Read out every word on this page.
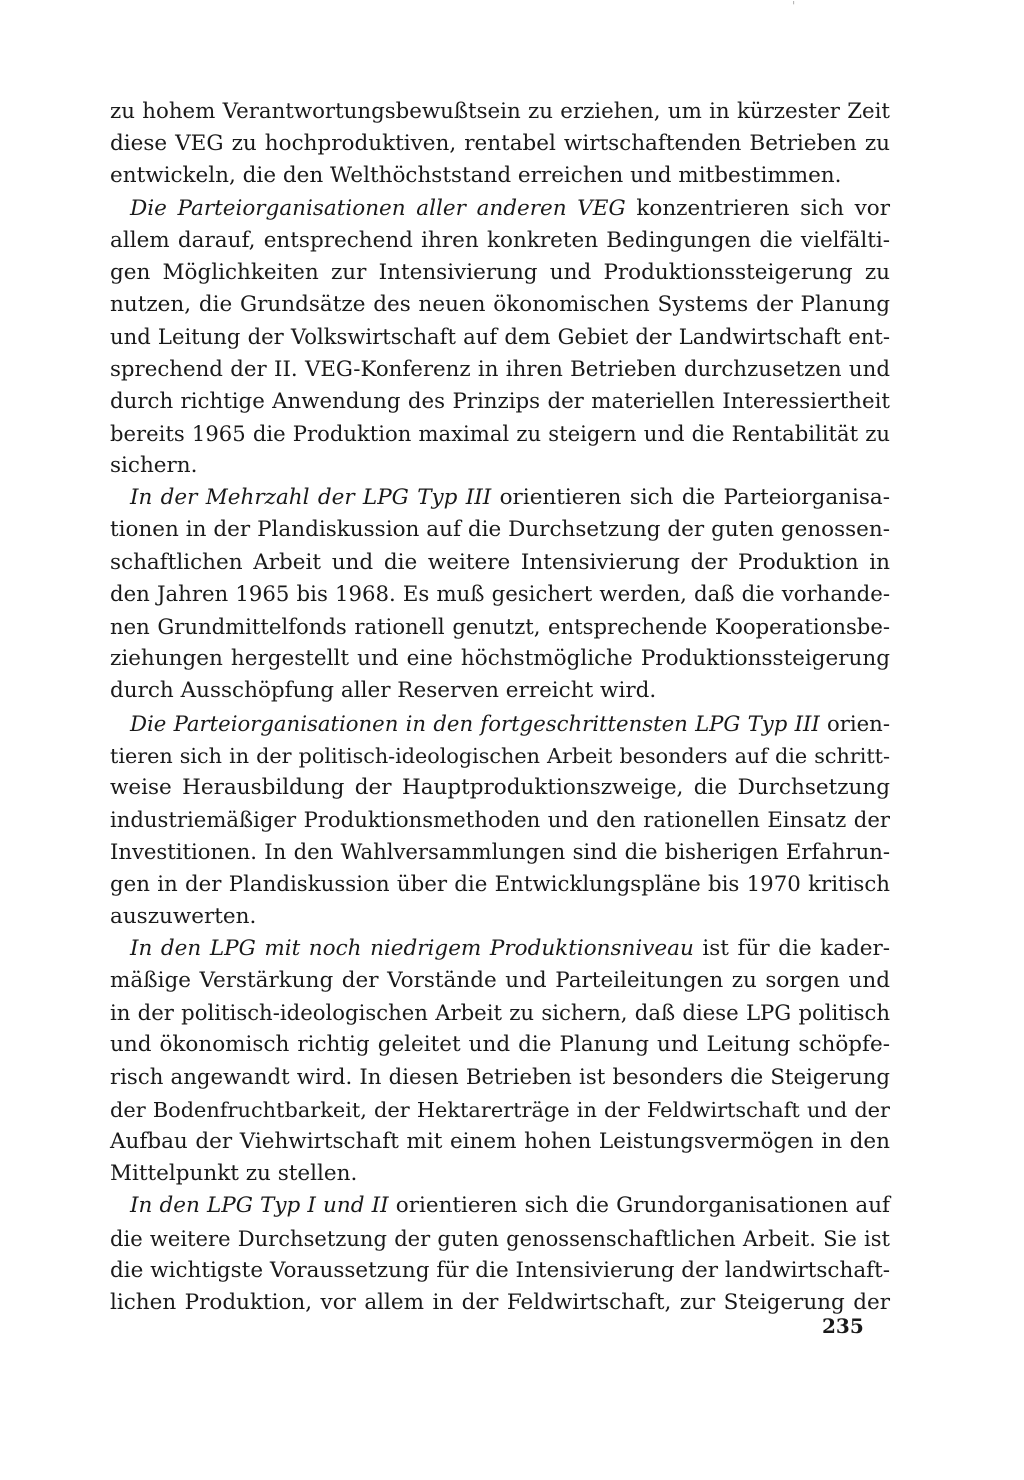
'
zu hohem Verantwortungsbewußtsein zu erziehen, um in kürzester Zeit
diese VEG zu hochproduktiven, rentabel wirtschaftenden Betrieben zu
entwickeln, die den Welthöchststand erreichen und mitbestimmen.
Die Parteiorganisationen aller anderen VEG konzentrieren sich vor
allem darauf, entsprechend ihren konkreten Bedingungen die vielfälti-
gen Möglichkeiten zur Intensivierung und Produktionssteigerung zu
nutzen, die Grundsätze des neuen ökonomischen Systems der Planung
und Leitung der Volkswirtschaft auf dem Gebiet der Landwirtschaft ent-
sprechend der II. VEG-Konferenz in ihren Betrieben durchzusetzen und
durch richtige Anwendung des Prinzips der materiellen Interessiertheit
bereits 1965 die Produktion maximal zu steigern und die Rentabilität zu
sichern.
In der Mehrzahl der LPG Typ III orientieren sich die Parteiorganisa-
tionen in der Plandiskussion auf die Durchsetzung der guten genossen-
schaftlichen Arbeit und die weitere Intensivierung der Produktion in
den Jahren 1965 bis 1968. Es muß gesichert werden, daß die vorhande-
nen Grundmittelfonds rationell genutzt, entsprechende Kooperationsbe-
ziehungen hergestellt und eine höchstmögliche Produktionssteigerung
durch Ausschöpfung aller Reserven erreicht wird.
Die Parteiorganisationen in den fortgeschrittensten LPG Typ III orien-
tieren sich in der politisch-ideologischen Arbeit besonders auf die schritt-
weise Herausbildung der Hauptproduktionszweige, die Durchsetzung
industriemäßiger Produktionsmethoden und den rationellen Einsatz der
Investitionen. In den Wahlversammlungen sind die bisherigen Erfahrun-
gen in der Plandiskussion über die Entwicklungspläne bis 1970 kritisch
auszuwerten.
In den LPG mit noch niedrigem Produktionsniveau ist für die kader-
mäßige Verstärkung der Vorstände und Parteileitungen zu sorgen und
in der politisch-ideologischen Arbeit zu sichern, daß diese LPG politisch
und ökonomisch richtig geleitet und die Planung und Leitung schöpfe-
risch angewandt wird. In diesen Betrieben ist besonders die Steigerung
der Bodenfruchtbarkeit, der Hektarerträge in der Feldwirtschaft und der
Aufbau der Viehwirtschaft mit einem hohen Leistungsvermögen in den
Mittelpunkt zu stellen.
In den LPG Typ I und II orientieren sich die Grundorganisationen auf
die weitere Durchsetzung der guten genossenschaftlichen Arbeit. Sie ist
die wichtigste Voraussetzung für die Intensivierung der landwirtschaft-
lichen Produktion, vor allem in der Feldwirtschaft, zur Steigerung der
235
